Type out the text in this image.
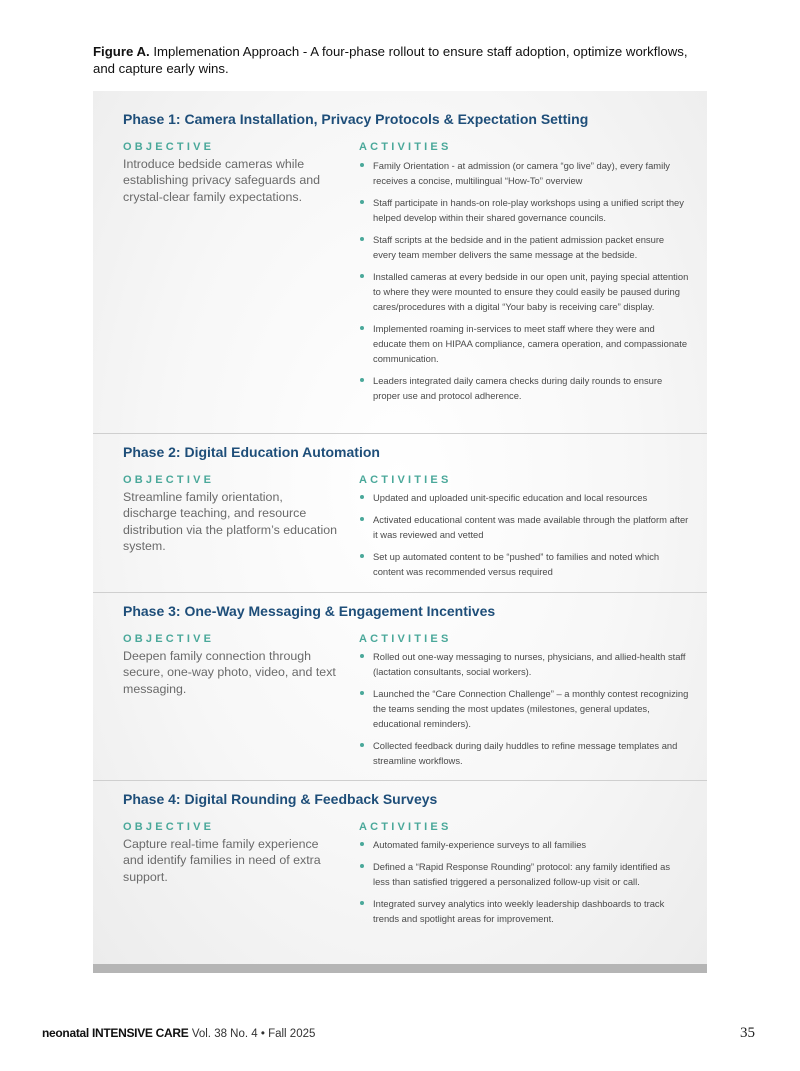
Figure A. Implemenation Approach - A four-phase rollout to ensure staff adoption, optimize workflows, and capture early wins.
Phase 1: Camera Installation, Privacy Protocols & Expectation Setting
OBJECTIVE	ACTIVITIES
Introduce bedside cameras while establishing privacy safeguards and crystal-clear family expectations.
Family Orientation - at admission (or camera “go live” day), every family receives a concise, multilingual “How-To” overview
Staff participate in hands-on role-play workshops using a unified script they helped develop within their shared governance councils.
Staff scripts at the bedside and in the patient admission packet ensure every team member delivers the same message at the bedside.
Installed cameras at every bedside in our open unit, paying special attention to where they were mounted to ensure they could easily be paused during cares/procedures with a digital “Your baby is receiving care” display.
Implemented roaming in-services to meet staff where they were and educate them on HIPAA compliance, camera operation, and compassionate communication.
Leaders integrated daily camera checks during daily rounds to ensure proper use and protocol adherence.
Phase 2: Digital Education Automation
OBJECTIVE	ACTIVITIES
Streamline family orientation, discharge teaching, and resource distribution via the platform’s education system.
Updated and uploaded unit-specific education and local resources
Activated educational content was made available through the platform after it was reviewed and vetted
Set up automated content to be “pushed” to families and noted which content was recommended versus required
Phase 3: One-Way Messaging & Engagement Incentives
OBJECTIVE	ACTIVITIES
Deepen family connection through secure, one-way photo, video, and text messaging.
Rolled out one-way messaging to nurses, physicians, and allied-health staff (lactation consultants, social workers).
Launched the “Care Connection Challenge” – a monthly contest recognizing the teams sending the most updates (milestones, general updates, educational reminders).
Collected feedback during daily huddles to refine message templates and streamline workflows.
Phase 4: Digital Rounding & Feedback Surveys
OBJECTIVE	ACTIVITIES
Capture real-time family experience and identify families in need of extra support.
Automated family-experience surveys to all families
Defined a “Rapid Response Rounding” protocol: any family identified as less than satisfied triggered a personalized follow-up visit or call.
Integrated survey analytics into weekly leadership dashboards to track trends and spotlight areas for improvement.
neonatal INTENSIVE CARE Vol. 38 No. 4 • Fall 2025	35
